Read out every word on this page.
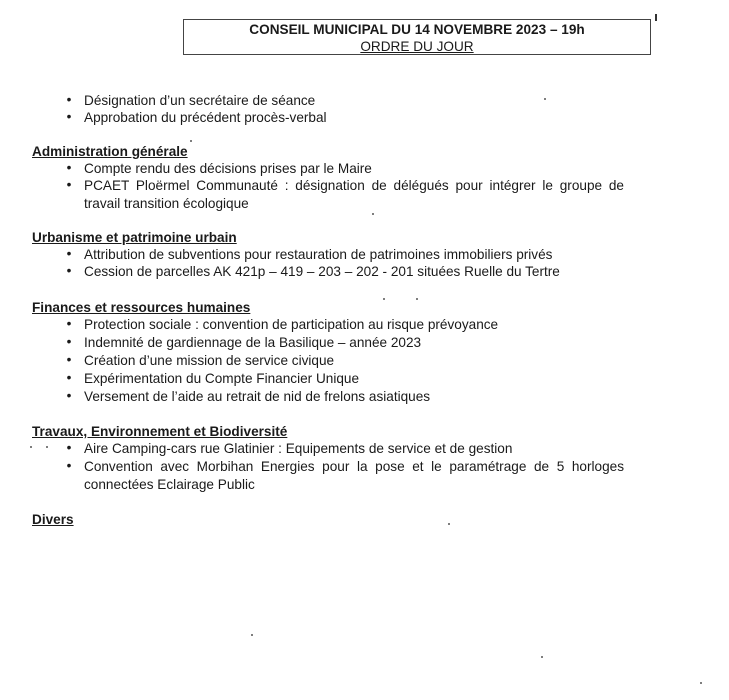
CONSEIL MUNICIPAL DU 14 NOVEMBRE 2023 – 19h
ORDRE DU JOUR
• Désignation d’un secrétaire de séance
• Approbation du précédent procès-verbal
Administration générale
• Compte rendu des décisions prises par le Maire
• PCAET Ploërmel Communauté : désignation de délégués pour intégrer le groupe de travail transition écologique
Urbanisme et patrimoine urbain
• Attribution de subventions pour restauration de patrimoines immobiliers privés
• Cession de parcelles AK 421p – 419 – 203 – 202 - 201 situées Ruelle du Tertre
Finances et ressources humaines
• Protection sociale : convention de participation au risque prévoyance
• Indemnité de gardiennage de la Basilique – année 2023
• Création d’une mission de service civique
• Expérimentation du Compte Financier Unique
• Versement de l’aide au retrait de nid de frelons asiatiques
Travaux, Environnement et Biodiversité
• Aire Camping-cars rue Glatinier : Equipements de service et de gestion
• Convention avec Morbihan Energies pour la pose et le paramétrage de 5 horloges connectées Eclairage Public
Divers
